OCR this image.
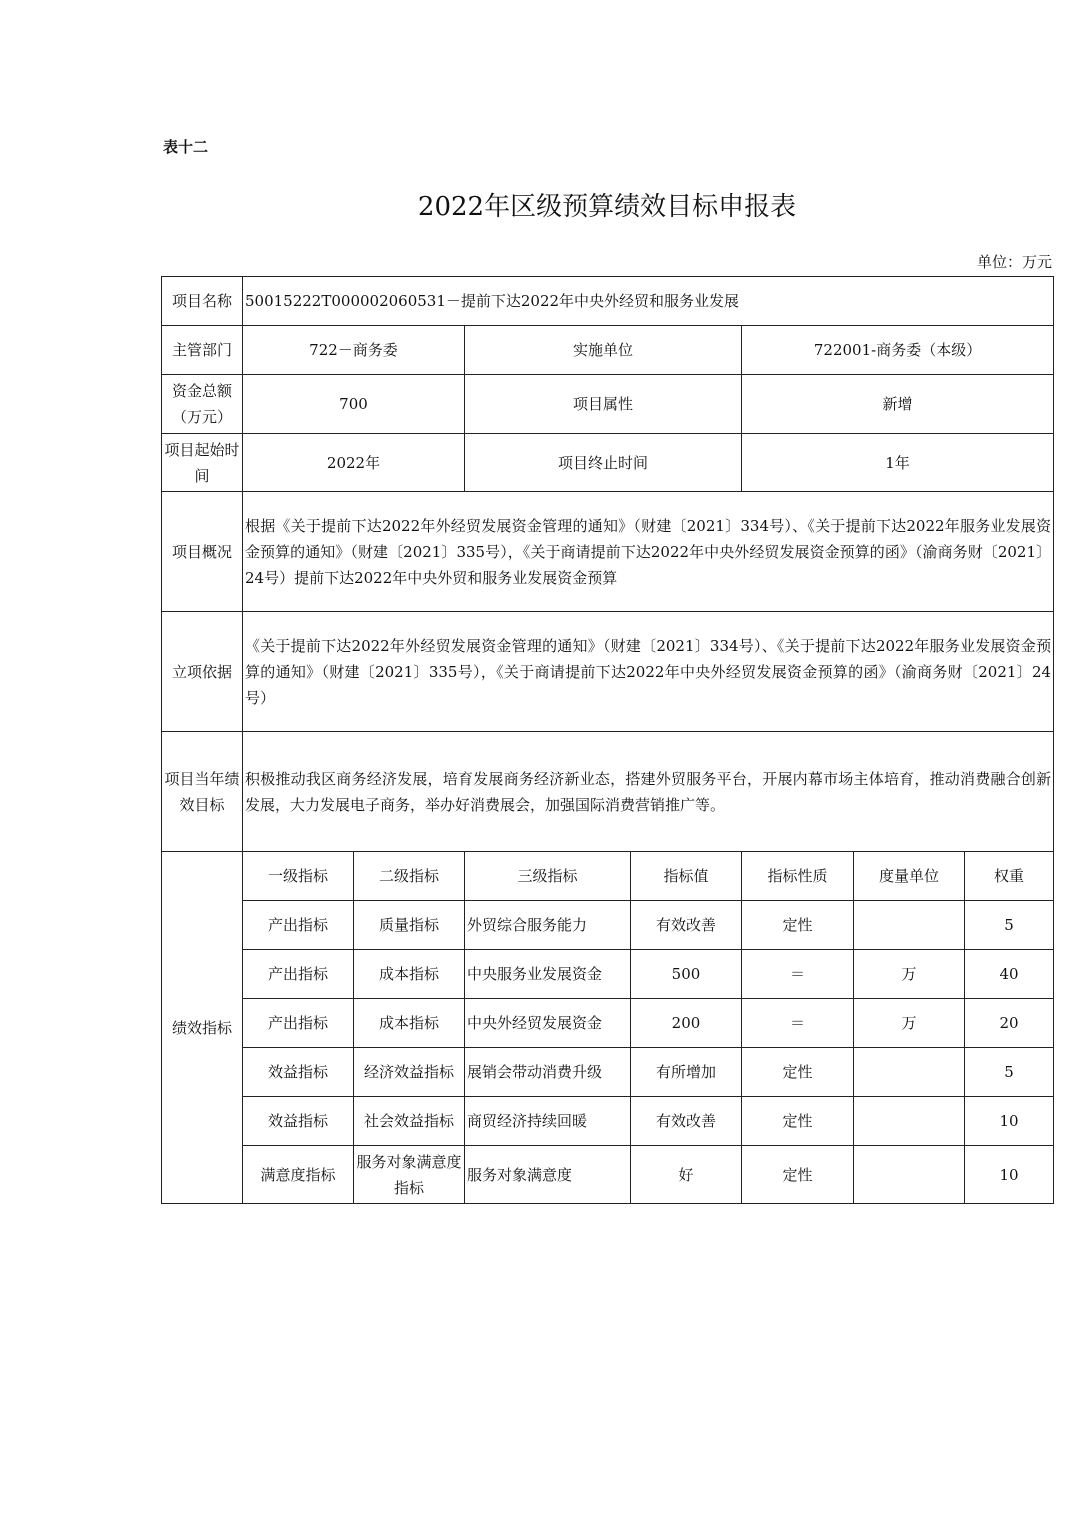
表十二
2022年区级预算绩效目标申报表
单位：万元
项目名称	50015222T000002060531－提前下达2022年中央外经贸和服务业发展						
主管部门	722－商务委		实施单位		722001-商务委（本级）		
资金总额（万元）	700		项目属性		新增		
项目起始时间	2022年		项目终止时间		1年		
项目概况	根据《关于提前下达2022年外经贸发展资金管理的通知》（财建〔2021〕334号）、《关于提前下达2022年服务业发展资金预算的通知》（财建〔2021〕335号），《关于商请提前下达2022年中央外经贸发展资金预算的函》（渝商务财〔2021〕24号）提前下达2022年中央外贸和服务业发展资金预算						
立项依据	《关于提前下达2022年外经贸发展资金管理的通知》（财建〔2021〕334号）、《关于提前下达2022年服务业发展资金预算的通知》（财建〔2021〕335号），《关于商请提前下达2022年中央外经贸发展资金预算的函》（渝商务财〔2021〕24号）						
项目当年绩效目标	积极推动我区商务经济发展，培育发展商务经济新业态，搭建外贸服务平台，开展内幕市场主体培育，推动消费融合创新发展，大力发展电子商务，举办好消费展会，加强国际消费营销推广等。						
绩效指标	一级指标	二级指标	三级指标	指标值	指标性质	度量单位	权重
	产出指标	质量指标	外贸综合服务能力	有效改善	定性		5
	产出指标	成本指标	中央服务业发展资金	500	＝	万	40
	产出指标	成本指标	中央外经贸发展资金	200	＝	万	20
	效益指标	经济效益指标	展销会带动消费升级	有所增加	定性		5
	效益指标	社会效益指标	商贸经济持续回暖	有效改善	定性		10
	满意度指标	服务对象满意度指标	服务对象满意度	好	定性		10
